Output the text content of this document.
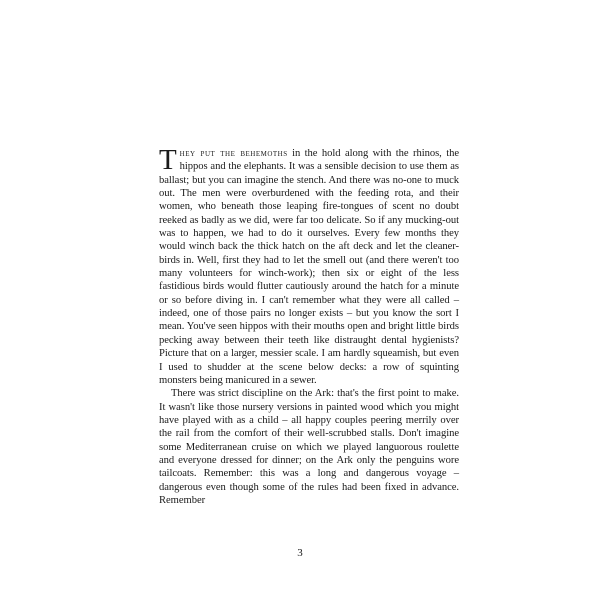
They put the behemoths in the hold along with the rhinos, the hippos and the elephants. It was a sensible decision to use them as ballast; but you can imagine the stench. And there was no-one to muck out. The men were overburdened with the feeding rota, and their women, who beneath those leaping fire-tongues of scent no doubt reeked as badly as we did, were far too delicate. So if any mucking-out was to happen, we had to do it ourselves. Every few months they would winch back the thick hatch on the aft deck and let the cleaner-birds in. Well, first they had to let the smell out (and there weren't too many volunteers for winch-work); then six or eight of the less fastidious birds would flutter cautiously around the hatch for a minute or so before diving in. I can't remember what they were all called – indeed, one of those pairs no longer exists – but you know the sort I mean. You've seen hippos with their mouths open and bright little birds pecking away between their teeth like distraught dental hygienists? Picture that on a larger, messier scale. I am hardly squeamish, but even I used to shudder at the scene below decks: a row of squinting monsters being manicured in a sewer.

There was strict discipline on the Ark: that's the first point to make. It wasn't like those nursery versions in painted wood which you might have played with as a child – all happy couples peering merrily over the rail from the comfort of their well-scrubbed stalls. Don't imagine some Mediterranean cruise on which we played languorous roulette and everyone dressed for dinner; on the Ark only the penguins wore tailcoats. Remember: this was a long and dangerous voyage – dangerous even though some of the rules had been fixed in advance. Remember

3
